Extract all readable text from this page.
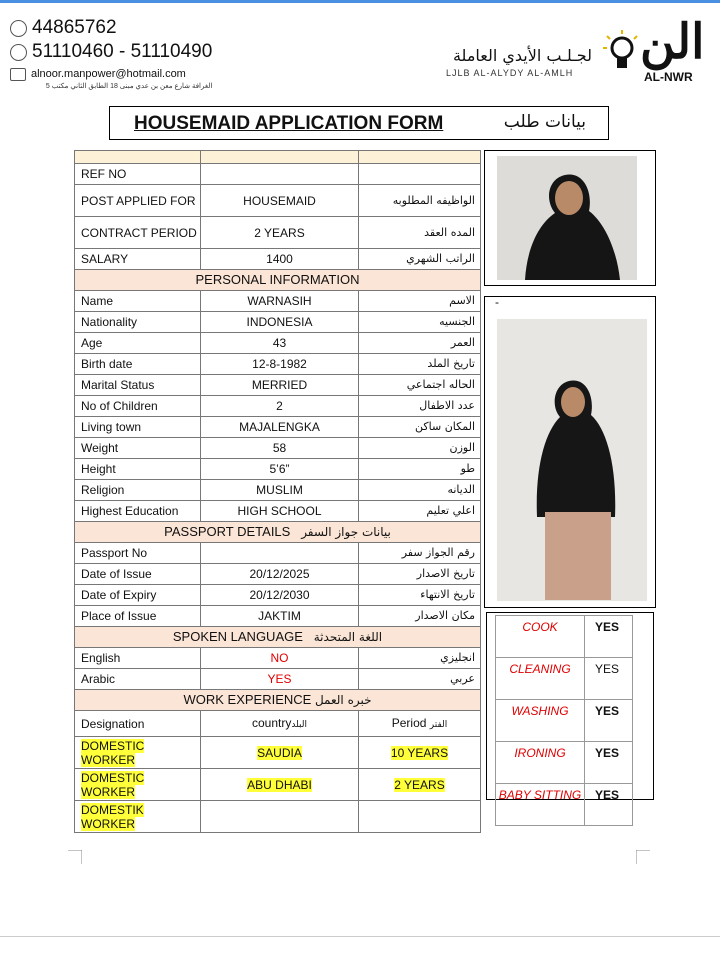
44865762
51110460 - 51110490
alnoor.manpower@hotmail.com
الغرافة شارع معن بن عدي مبنى 18 الطابق الثاني مكتب 5
لجـلـب الأيدي العاملة
LJLB AL-ALYDY AL-AMLH
الن
AL-NWR
HOUSEMAID APPLICATION FORM	بيانات طلب

REF NO		
POST APPLIED FOR	HOUSEMAID	الواظيفه المطلوبه
CONTRACT PERIOD	2 YEARS	المده العقد
SALARY	1400	الراتب الشهري
PERSONAL INFORMATION		
Name	WARNASIH	الاسم
Nationality	INDONESIA	الجنسيه
Age	43	العمر
Birth date	12-8-1982	تاريخ الملد
Marital Status	MERRIED	الحاله اجتماعي
No of Children	2	عدد الاطفال
Living town	MAJALENGKA	المكان ساكن
Weight	58	الوزن
Height	5’6”	طو
Religion	MUSLIM	الديانه
Highest Education	HIGH SCHOOL	اعلي تعليم
PASSPORT DETAILS بيانات جواز السفر		
Passport No		رقم الجواز سفر
Date of Issue	20/12/2025	تاريخ الاصدار
Date of Expiry	20/12/2030	تاريخ الانتهاء
Place of Issue	JAKTIM	مكان الاصدار
SPOKEN LANGUAGE اللغة المتحدثة		
English	NO	انجليزي
Arabic	YES	عربي
WORK EXPERIENCE خبره العمل		
Designation	countryالبلد	Period الفتر
DOMESTIC WORKER	SAUDIA	10 YEARS
DOMESTIC WORKER	ABU DHABI	2 YEARS
DOMESTIK WORKER		
-
COOK	YES
CLEANING	YES
WASHING	YES
IRONING	YES
BABY SITTING	YES
